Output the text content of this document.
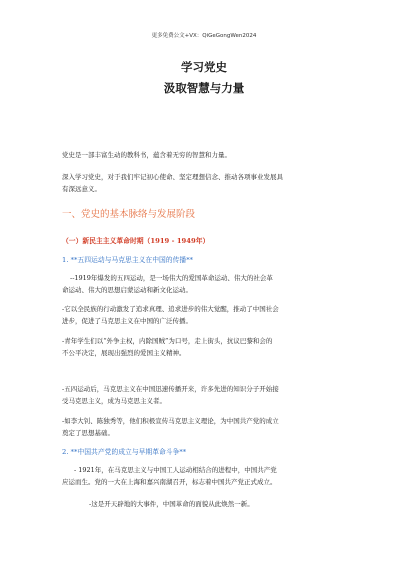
更多免费公文+VX：QiGeGongWen2024
学习党史
汲取智慧与力量
党史是一部丰富生动的教科书，蕴含着无穷的智慧和力量。
深入学习党史，对于我们牢记初心使命、坚定理想信念、推动各项事业发展具
有深远意义。
一、党史的基本脉络与发展阶段
（一）新民主主义革命时期（1919 - 1949年）
1. **五四运动与马克思主义在中国的传播**
--1919年爆发的五四运动，是一场伟大的爱国革命运动、伟大的社会革
命运动、伟大的思想启蒙运动和新文化运动。
-它以全民族的行动激发了追求真理、追求进步的伟大觉醒，推动了中国社会
进步，促进了马克思主义在中国的广泛传播。
-青年学生们以“外争主权，内除国贼”为口号，走上街头，抗议巴黎和会的
不公平决定，展现出强烈的爱国主义精神。
-五四运动后，马克思主义在中国迅速传播开来，许多先进的知识分子开始接
受马克思主义，成为马克思主义者。
-如李大钊、陈独秀等，他们积极宣传马克思主义理论，为中国共产党的成立
奠定了思想基础。
2. **中国共产党的成立与早期革命斗争**
- 1921年，在马克思主义与中国工人运动相结合的进程中，中国共产党
应运而生。党的一大在上海和嘉兴南湖召开，标志着中国共产党正式成立。
-这是开天辟地的大事件，中国革命的面貌从此焕然一新。
